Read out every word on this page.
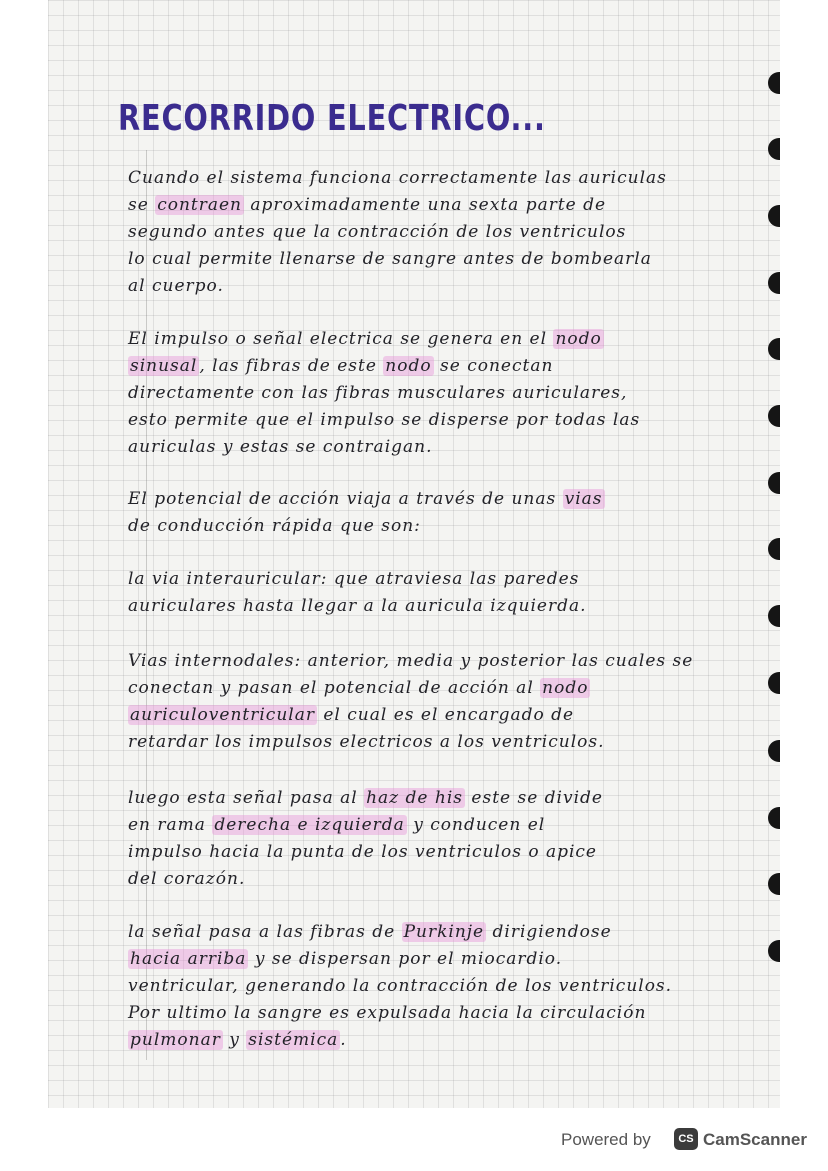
RECORRIDO ELECTRICO...
Cuando el sistema funciona correctamente las auriculas
se contraen aproximadamente una sexta parte de
segundo antes que la contracción de los ventriculos
lo cual permite llenarse de sangre antes de bombearla
al cuerpo.
El impulso o señal electrica se genera en el nodo
sinusal , las fibras de este nodo se conectan
directamente con las fibras musculares auriculares,
esto permite que el impulso se disperse por todas las
auriculas y estas se contraigan.
El potencial de acción viaja a través de unas vias
de conducción rápida que son:
la via interauricular: que atraviesa las paredes
auriculares hasta llegar a la auricula izquierda.
Vias internodales: anterior, media y posterior las cuales se
conectan y pasan el potencial de acción al nodo
auriculoventricular el cual es el encargado de
retardar los impulsos electricos a los ventriculos.
luego esta señal pasa al haz de his este se divide
en rama derecha e izquierda y conducen el
impulso hacia la punta de los ventriculos o apice
del corazón.
la señal pasa a las fibras de Purkinje dirigiendose
hacia arriba y se dispersan por el miocardio.
ventricular, generando la contracción de los ventriculos.
Por ultimo la sangre es expulsada hacia la circulación
pulmonar y sistémica .
Powered by	CS CamScanner
